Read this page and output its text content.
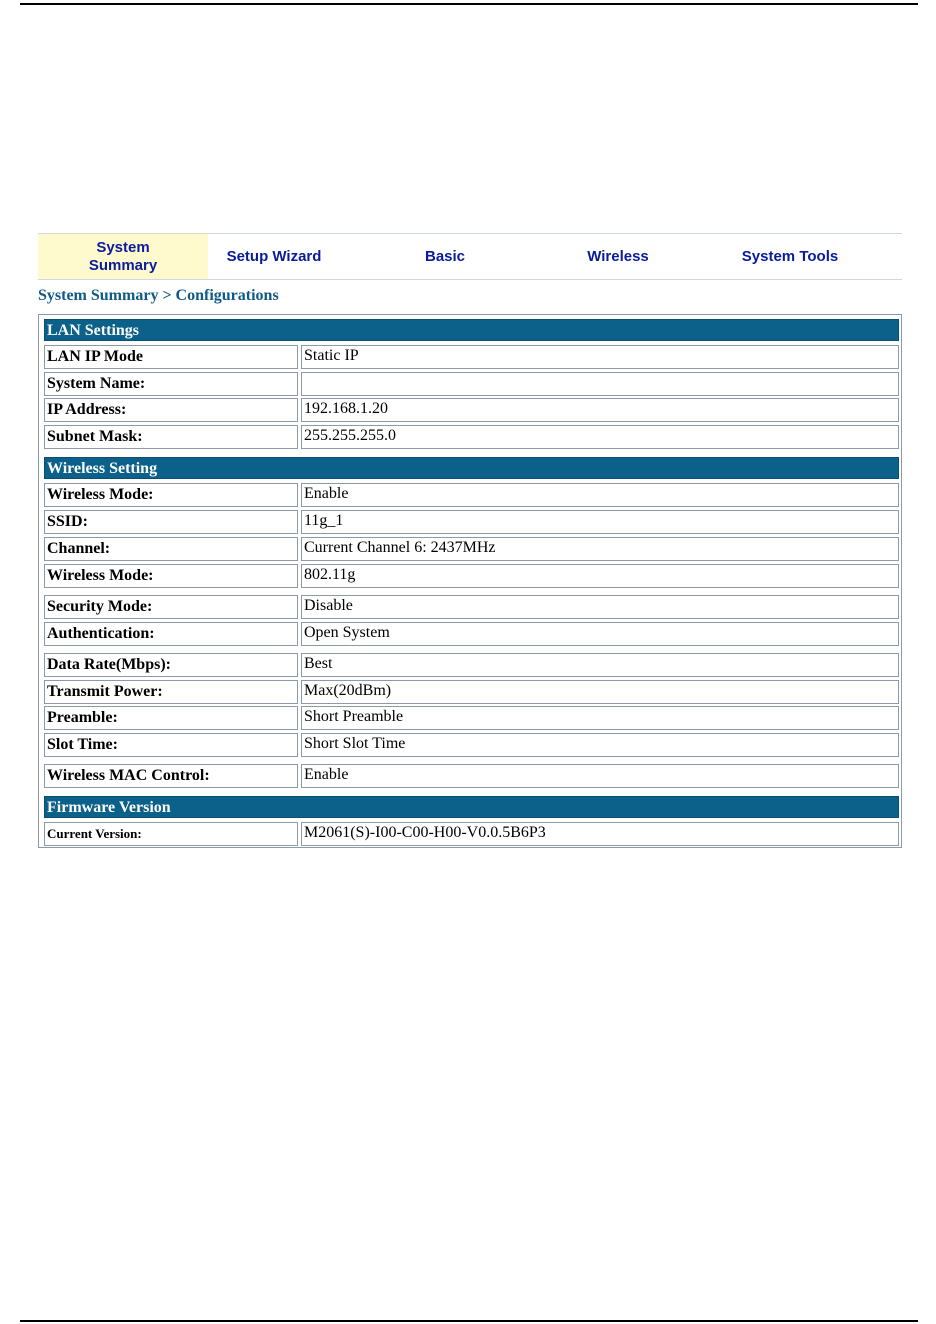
System
Summary
Setup Wizard	Basic	Wireless	System Tools
System Summary > Configurations
LAN Settings
LAN IP Mode	Static IP
System Name:
IP Address:	192.168.1.20
Subnet Mask:	255.255.255.0
Wireless Setting
Wireless Mode:	Enable
SSID:	11g_1
Channel:	Current Channel 6: 2437MHz
Wireless Mode:	802.11g
Security Mode:	Disable
Authentication:	Open System
Data Rate(Mbps):	Best
Transmit Power:	Max(20dBm)
Preamble:	Short Preamble
Slot Time:	Short Slot Time
Wireless MAC Control:	Enable
Firmware Version
Current Version:	M2061(S)-I00-C00-H00-V0.0.5B6P3
